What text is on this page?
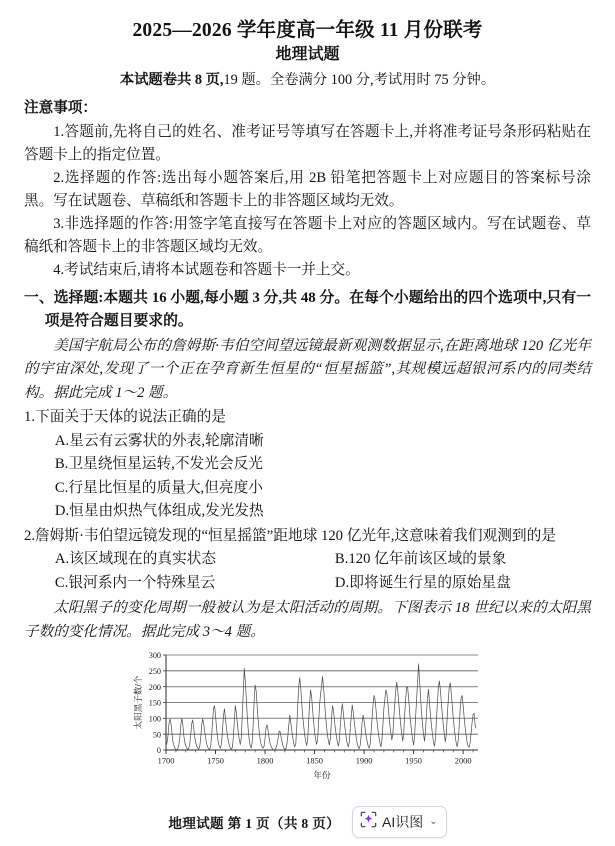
2025—2026 学年度高一年级 11 月份联考
地理试题

本试题卷共 8 页,19 题。全卷满分 100 分,考试用时 75 分钟。

注意事项：

1.答题前,先将自己的姓名、准考证号等填写在答题卡上,并将准考证号条形码粘贴在答题卡上的指定位置。

2.选择题的作答:选出每小题答案后,用 2B 铅笔把答题卡上对应题目的答案标号涂黑。写在试题卷、草稿纸和答题卡上的非答题区域均无效。

3.非选择题的作答:用签字笔直接写在答题卡上对应的答题区域内。写在试题卷、草稿纸和答题卡上的非答题区域均无效。

4.考试结束后,请将本试题卷和答题卡一并上交。

一、选择题:本题共 16 小题,每小题 3 分,共 48 分。在每个小题给出的四个选项中,只有一项是符合题目要求的。

美国宇航局公布的詹姆斯·韦伯空间望远镜最新观测数据显示,在距离地球 120 亿光年的宇宙深处,发现了一个正在孕育新生恒星的“恒星摇篮”,其规模远超银河系内的同类结构。据此完成 1～2 题。

1.下面关于天体的说法正确的是
A.星云有云雾状的外表,轮廓清晰
B.卫星绕恒星运转,不发光会反光
C.行星比恒星的质量大,但亮度小
D.恒星由炽热气体组成,发光发热
2.詹姆斯·韦伯望远镜发现的“恒星摇篮”距地球 120 亿光年,这意味着我们观测到的是
A.该区域现在的真实状态	B.120 亿年前该区域的景象
C.银河系内一个特殊星云	D.即将诞生行星的原始星盘

太阳黑子的变化周期一般被认为是太阳活动的周期。下图表示 18 世纪以来的太阳黑子数的变化情况。据此完成 3～4 题。

0
50
100
150
200
250
300
1700	1750	1800	1850	1900	1950	2000
年份
太阳黑子数/个
地理试题 第 1 页（共 8 页）	AI识图 ⌄
